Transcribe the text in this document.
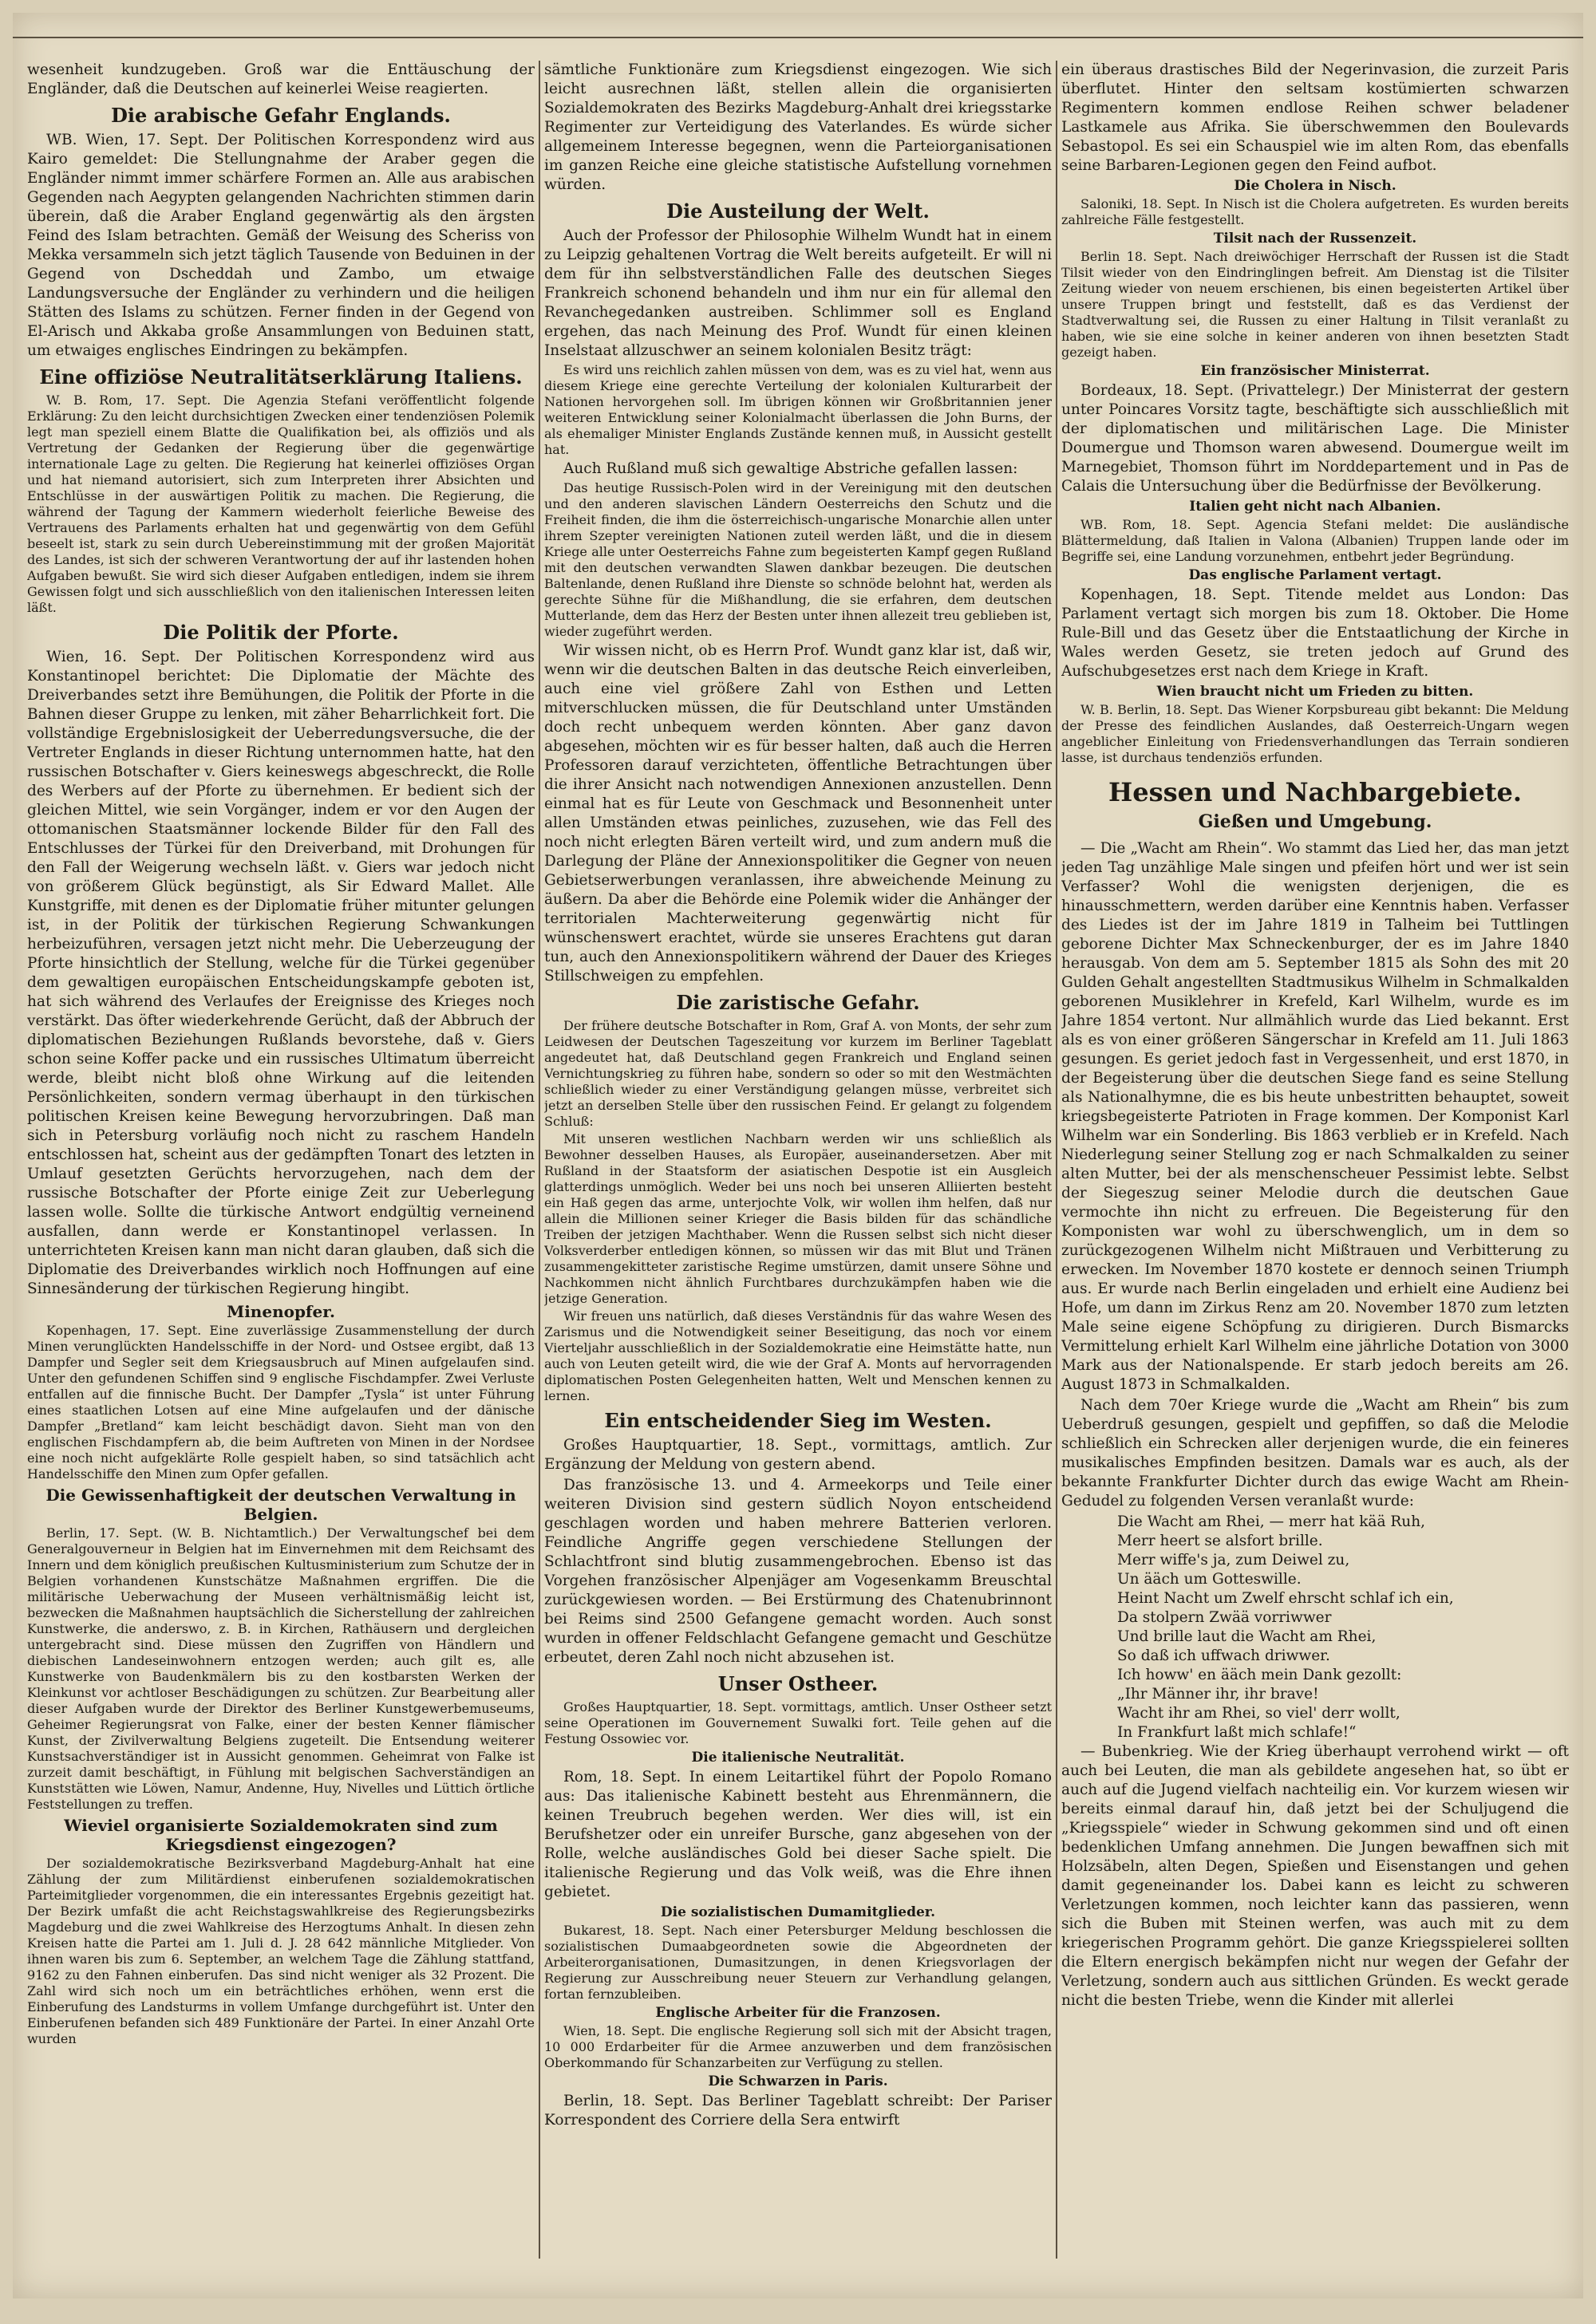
wesenheit kundzugeben. Groß war die Enttäuschung der Engländer, daß die Deutschen auf keinerlei Weise reagierten.

Die arabische Gefahr Englands.

WB. Wien, 17. Sept. Der Politischen Korrespondenz wird aus Kairo gemeldet: Die Stellungnahme der Araber gegen die Engländer nimmt immer schärfere Formen an. Alle aus arabischen Gegenden nach Aegypten gelangenden Nachrichten stimmen darin überein, daß die Araber England gegenwärtig als den ärgsten Feind des Islam betrachten. Gemäß der Weisung des Scheriss von Mekka versammeln sich jetzt täglich Tausende von Beduinen in der Gegend von Dscheddah und Zambo, um etwaige Landungsversuche der Engländer zu verhindern und die heiligen Stätten des Islams zu schützen. Ferner finden in der Gegend von El-Arisch und Akkaba große Ansammlungen von Beduinen statt, um etwaiges englisches Eindringen zu bekämpfen.

Eine offiziöse Neutralitätserklärung Italiens.

W. B. Rom, 17. Sept. Die Agenzia Stefani veröffentlicht folgende Erklärung: Zu den leicht durchsichtigen Zwecken einer tendenziösen Polemik legt man speziell einem Blatte die Qualifikation bei, als offiziös und als Vertretung der Gedanken der Regierung über die gegenwärtige internationale Lage zu gelten. Die Regierung hat keinerlei offiziöses Organ und hat niemand autorisiert, sich zum Interpreten ihrer Absichten und Entschlüsse in der auswärtigen Politik zu machen. Die Regierung, die während der Tagung der Kammern wiederholt feierliche Beweise des Vertrauens des Parlaments erhalten hat und gegenwärtig von dem Gefühl beseelt ist, stark zu sein durch Uebereinstimmung mit der großen Majorität des Landes, ist sich der schweren Verantwortung der auf ihr lastenden hohen Aufgaben bewußt. Sie wird sich dieser Aufgaben entledigen, indem sie ihrem Gewissen folgt und sich ausschließlich von den italienischen Interessen leiten läßt.

Die Politik der Pforte.

Wien, 16. Sept. Der Politischen Korrespondenz wird aus Konstantinopel berichtet: Die Diplomatie der Mächte des Dreiverbandes setzt ihre Bemühungen, die Politik der Pforte in die Bahnen dieser Gruppe zu lenken, mit zäher Beharrlichkeit fort. Die vollständige Ergebnislosigkeit der Ueberredungsversuche, die der Vertreter Englands in dieser Richtung unternommen hatte, hat den russischen Botschafter v. Giers keineswegs abgeschreckt, die Rolle des Werbers auf der Pforte zu übernehmen. Er bedient sich der gleichen Mittel, wie sein Vorgänger, indem er vor den Augen der ottomanischen Staatsmänner lockende Bilder für den Fall des Entschlusses der Türkei für den Dreiverband, mit Drohungen für den Fall der Weigerung wechseln läßt. v. Giers war jedoch nicht von größerem Glück begünstigt, als Sir Edward Mallet. Alle Kunstgriffe, mit denen es der Diplomatie früher mitunter gelungen ist, in der Politik der türkischen Regierung Schwankungen herbeizuführen, versagen jetzt nicht mehr. Die Ueberzeugung der Pforte hinsichtlich der Stellung, welche für die Türkei gegenüber dem gewaltigen europäischen Entscheidungskampfe geboten ist, hat sich während des Verlaufes der Ereignisse des Krieges noch verstärkt. Das öfter wiederkehrende Gerücht, daß der Abbruch der diplomatischen Beziehungen Rußlands bevorstehe, daß v. Giers schon seine Koffer packe und ein russisches Ultimatum überreicht werde, bleibt nicht bloß ohne Wirkung auf die leitenden Persönlichkeiten, sondern vermag überhaupt in den türkischen politischen Kreisen keine Bewegung hervorzubringen. Daß man sich in Petersburg vorläufig noch nicht zu raschem Handeln entschlossen hat, scheint aus der gedämpften Tonart des letzten in Umlauf gesetzten Gerüchts hervorzugehen, nach dem der russische Botschafter der Pforte einige Zeit zur Ueberlegung lassen wolle. Sollte die türkische Antwort endgültig verneinend ausfallen, dann werde er Konstantinopel verlassen. In unterrichteten Kreisen kann man nicht daran glauben, daß sich die Diplomatie des Dreiverbandes wirklich noch Hoffnungen auf eine Sinnesänderung der türkischen Regierung hingibt.

Minenopfer.

Kopenhagen, 17. Sept. Eine zuverlässige Zusammenstellung der durch Minen verunglückten Handelsschiffe in der Nord- und Ostsee ergibt, daß 13 Dampfer und Segler seit dem Kriegsausbruch auf Minen aufgelaufen sind. Unter den gefundenen Schiffen sind 9 englische Fischdampfer. Zwei Verluste entfallen auf die finnische Bucht. Der Dampfer „Tysla“ ist unter Führung eines staatlichen Lotsen auf eine Mine aufgelaufen und der dänische Dampfer „Bretland“ kam leicht beschädigt davon. Sieht man von den englischen Fischdampfern ab, die beim Auftreten von Minen in der Nordsee eine noch nicht aufgeklärte Rolle gespielt haben, so sind tatsächlich acht Handelsschiffe den Minen zum Opfer gefallen.

Die Gewissenhaftigkeit der deutschen Verwaltung in Belgien.

Berlin, 17. Sept. (W. B. Nichtamtlich.) Der Verwaltungschef bei dem Generalgouverneur in Belgien hat im Einvernehmen mit dem Reichsamt des Innern und dem königlich preußischen Kultusministerium zum Schutze der in Belgien vorhandenen Kunstschätze Maßnahmen ergriffen. Die die militärische Ueberwachung der Museen verhältnismäßig leicht ist, bezwecken die Maßnahmen hauptsächlich die Sicherstellung der zahlreichen Kunstwerke, die anderswo, z. B. in Kirchen, Rathäusern und dergleichen untergebracht sind. Diese müssen den Zugriffen von Händlern und diebischen Landeseinwohnern entzogen werden; auch gilt es, alle Kunstwerke von Baudenkmälern bis zu den kostbarsten Werken der Kleinkunst vor achtloser Beschädigungen zu schützen. Zur Bearbeitung aller dieser Aufgaben wurde der Direktor des Berliner Kunstgewerbemuseums, Geheimer Regierungsrat von Falke, einer der besten Kenner flämischer Kunst, der Zivilverwaltung Belgiens zugeteilt. Die Entsendung weiterer Kunstsachverständiger ist in Aussicht genommen. Geheimrat von Falke ist zurzeit damit beschäftigt, in Fühlung mit belgischen Sachverständigen an Kunststätten wie Löwen, Namur, Andenne, Huy, Nivelles und Lüttich örtliche Feststellungen zu treffen.

Wieviel organisierte Sozialdemokraten sind zum Kriegsdienst eingezogen?

Der sozialdemokratische Bezirksverband Magdeburg-Anhalt hat eine Zählung der zum Militärdienst einberufenen sozialdemokratischen Parteimitglieder vorgenommen, die ein interessantes Ergebnis gezeitigt hat. Der Bezirk umfaßt die acht Reichstagswahlkreise des Regierungsbezirks Magdeburg und die zwei Wahlkreise des Herzogtums Anhalt. In diesen zehn Kreisen hatte die Partei am 1. Juli d. J. 28 642 männliche Mitglieder. Von ihnen waren bis zum 6. September, an welchem Tage die Zählung stattfand, 9162 zu den Fahnen einberufen. Das sind nicht weniger als 32 Prozent. Die Zahl wird sich noch um ein beträchtliches erhöhen, wenn erst die Einberufung des Landsturms in vollem Umfange durchgeführt ist. Unter den Einberufenen befanden sich 489 Funktionäre der Partei. In einer Anzahl Orte wurden

sämtliche Funktionäre zum Kriegsdienst eingezogen. Wie sich leicht ausrechnen läßt, stellen allein die organisierten Sozialdemokraten des Bezirks Magdeburg-Anhalt drei kriegsstarke Regimenter zur Verteidigung des Vaterlandes. Es würde sicher allgemeinem Interesse begegnen, wenn die Parteiorganisationen im ganzen Reiche eine gleiche statistische Aufstellung vornehmen würden.

Die Austeilung der Welt.

Auch der Professor der Philosophie Wilhelm Wundt hat in einem zu Leipzig gehaltenen Vortrag die Welt bereits aufgeteilt. Er will ni dem für ihn selbstverständlichen Falle des deutschen Sieges Frankreich schonend behandeln und ihm nur ein für allemal den Revanchegedanken austreiben. Schlimmer soll es England ergehen, das nach Meinung des Prof. Wundt für einen kleinen Inselstaat allzuschwer an seinem kolonialen Besitz trägt:

Es wird uns reichlich zahlen müssen von dem, was es zu viel hat, wenn aus diesem Kriege eine gerechte Verteilung der kolonialen Kulturarbeit der Nationen hervorgehen soll. Im übrigen können wir Großbritannien jener weiteren Entwicklung seiner Kolonialmacht überlassen die John Burns, der als ehemaliger Minister Englands Zustände kennen muß, in Aussicht gestellt hat.

Auch Rußland muß sich gewaltige Abstriche gefallen lassen:

Das heutige Russisch-Polen wird in der Vereinigung mit den deutschen und den anderen slavischen Ländern Oesterreichs den Schutz und die Freiheit finden, die ihm die österreichisch-ungarische Monarchie allen unter ihrem Szepter vereinigten Nationen zuteil werden läßt, und die in diesem Kriege alle unter Oesterreichs Fahne zum begeisterten Kampf gegen Rußland mit den deutschen verwandten Slawen dankbar bezeugen. Die deutschen Baltenlande, denen Rußland ihre Dienste so schnöde belohnt hat, werden als gerechte Sühne für die Mißhandlung, die sie erfahren, dem deutschen Mutterlande, dem das Herz der Besten unter ihnen allezeit treu geblieben ist, wieder zugeführt werden.

Wir wissen nicht, ob es Herrn Prof. Wundt ganz klar ist, daß wir, wenn wir die deutschen Balten in das deutsche Reich einverleiben, auch eine viel größere Zahl von Esthen und Letten mitverschlucken müssen, die für Deutschland unter Umständen doch recht unbequem werden könnten. Aber ganz davon abgesehen, möchten wir es für besser halten, daß auch die Herren Professoren darauf verzichteten, öffentliche Betrachtungen über die ihrer Ansicht nach notwendigen Annexionen anzustellen. Denn einmal hat es für Leute von Geschmack und Besonnenheit unter allen Umständen etwas peinliches, zuzusehen, wie das Fell des noch nicht erlegten Bären verteilt wird, und zum andern muß die Darlegung der Pläne der Annexionspolitiker die Gegner von neuen Gebietserwerbungen veranlassen, ihre abweichende Meinung zu äußern. Da aber die Behörde eine Polemik wider die Anhänger der territorialen Machterweiterung gegenwärtig nicht für wünschenswert erachtet, würde sie unseres Erachtens gut daran tun, auch den Annexionspolitikern während der Dauer des Krieges Stillschweigen zu empfehlen.

Die zaristische Gefahr.

Der frühere deutsche Botschafter in Rom, Graf A. von Monts, der sehr zum Leidwesen der Deutschen Tageszeitung vor kurzem im Berliner Tageblatt angedeutet hat, daß Deutschland gegen Frankreich und England seinen Vernichtungskrieg zu führen habe, sondern so oder so mit den Westmächten schließlich wieder zu einer Verständigung gelangen müsse, verbreitet sich jetzt an derselben Stelle über den russischen Feind. Er gelangt zu folgendem Schluß:

Mit unseren westlichen Nachbarn werden wir uns schließlich als Bewohner desselben Hauses, als Europäer, auseinandersetzen. Aber mit Rußland in der Staatsform der asiatischen Despotie ist ein Ausgleich glatterdings unmöglich. Weder bei uns noch bei unseren Alliierten besteht ein Haß gegen das arme, unterjochte Volk, wir wollen ihm helfen, daß nur allein die Millionen seiner Krieger die Basis bilden für das schändliche Treiben der jetzigen Machthaber. Wenn die Russen selbst sich nicht dieser Volksverderber entledigen können, so müssen wir das mit Blut und Tränen zusammengekitteter zaristische Regime umstürzen, damit unsere Söhne und Nachkommen nicht ähnlich Furchtbares durchzukämpfen haben wie die jetzige Generation.

Wir freuen uns natürlich, daß dieses Verständnis für das wahre Wesen des Zarismus und die Notwendigkeit seiner Beseitigung, das noch vor einem Vierteljahr ausschließlich in der Sozialdemokratie eine Heimstätte hatte, nun auch von Leuten geteilt wird, die wie der Graf A. Monts auf hervorragenden diplomatischen Posten Gelegenheiten hatten, Welt und Menschen kennen zu lernen.

Ein entscheidender Sieg im Westen.

Großes Hauptquartier, 18. Sept., vormittags, amtlich. Zur Ergänzung der Meldung von gestern abend.

Das französische 13. und 4. Armeekorps und Teile einer weiteren Division sind gestern südlich Noyon entscheidend geschlagen worden und haben mehrere Batterien verloren. Feindliche Angriffe gegen verschiedene Stellungen der Schlachtfront sind blutig zusammengebrochen. Ebenso ist das Vorgehen französischer Alpenjäger am Vogesenkamm Breuschtal zurückgewiesen worden. — Bei Erstürmung des Chatenubrinnont bei Reims sind 2500 Gefangene gemacht worden. Auch sonst wurden in offener Feldschlacht Gefangene gemacht und Geschütze erbeutet, deren Zahl noch nicht abzusehen ist.

Unser Ostheer.

Großes Hauptquartier, 18. Sept. vormittags, amtlich. Unser Ostheer setzt seine Operationen im Gouvernement Suwalki fort. Teile gehen auf die Festung Ossowiec vor.

Die italienische Neutralität.

Rom, 18. Sept. In einem Leitartikel führt der Popolo Romano aus: Das italienische Kabinett besteht aus Ehrenmännern, die keinen Treubruch begehen werden. Wer dies will, ist ein Berufshetzer oder ein unreifer Bursche, ganz abgesehen von der Rolle, welche ausländisches Gold bei dieser Sache spielt. Die italienische Regierung und das Volk weiß, was die Ehre ihnen gebietet.

Die sozialistischen Dumamitglieder.

Bukarest, 18. Sept. Nach einer Petersburger Meldung beschlossen die sozialistischen Dumaabgeordneten sowie die Abgeordneten der Arbeiterorganisationen, Dumasitzungen, in denen Kriegsvorlagen der Regierung zur Ausschreibung neuer Steuern zur Verhandlung gelangen, fortan fernzubleiben.

Englische Arbeiter für die Franzosen.

Wien, 18. Sept. Die englische Regierung soll sich mit der Absicht tragen, 10 000 Erdarbeiter für die Armee anzuwerben und dem französischen Oberkommando für Schanzarbeiten zur Verfügung zu stellen.

Die Schwarzen in Paris.

Berlin, 18. Sept. Das Berliner Tageblatt schreibt: Der Pariser Korrespondent des Corriere della Sera entwirft

ein überaus drastisches Bild der Negerinvasion, die zurzeit Paris überflutet. Hinter den seltsam kostümierten schwarzen Regimentern kommen endlose Reihen schwer beladener Lastkamele aus Afrika. Sie überschwemmen den Boulevards Sebastopol. Es sei ein Schauspiel wie im alten Rom, das ebenfalls seine Barbaren-Legionen gegen den Feind aufbot.

Die Cholera in Nisch.

Saloniki, 18. Sept. In Nisch ist die Cholera aufgetreten. Es wurden bereits zahlreiche Fälle festgestellt.

Tilsit nach der Russenzeit.

Berlin 18. Sept. Nach dreiwöchiger Herrschaft der Russen ist die Stadt Tilsit wieder von den Eindringlingen befreit. Am Dienstag ist die Tilsiter Zeitung wieder von neuem erschienen, bis einen begeisterten Artikel über unsere Truppen bringt und feststellt, daß es das Verdienst der Stadtverwaltung sei, die Russen zu einer Haltung in Tilsit veranlaßt zu haben, wie sie eine solche in keiner anderen von ihnen besetzten Stadt gezeigt haben.

Ein französischer Ministerrat.

Bordeaux, 18. Sept. (Privattelegr.) Der Ministerrat der gestern unter Poincares Vorsitz tagte, beschäftigte sich ausschließlich mit der diplomatischen und militärischen Lage. Die Minister Doumergue und Thomson waren abwesend. Doumergue weilt im Marnegebiet, Thomson führt im Norddepartement und in Pas de Calais die Untersuchung über die Bedürfnisse der Bevölkerung.

Italien geht nicht nach Albanien.

WB. Rom, 18. Sept. Agencia Stefani meldet: Die ausländische Blättermeldung, daß Italien in Valona (Albanien) Truppen lande oder im Begriffe sei, eine Landung vorzunehmen, entbehrt jeder Begründung.

Das englische Parlament vertagt.

Kopenhagen, 18. Sept. Titende meldet aus London: Das Parlament vertagt sich morgen bis zum 18. Oktober. Die Home Rule-Bill und das Gesetz über die Entstaatlichung der Kirche in Wales werden Gesetz, sie treten jedoch auf Grund des Aufschubgesetzes erst nach dem Kriege in Kraft.

Wien braucht nicht um Frieden zu bitten.

W. B. Berlin, 18. Sept. Das Wiener Korpsbureau gibt bekannt: Die Meldung der Presse des feindlichen Auslandes, daß Oesterreich-Ungarn wegen angeblicher Einleitung von Friedensverhandlungen das Terrain sondieren lasse, ist durchaus tendenziös erfunden.

Hessen und Nachbargebiete.
Gießen und Umgebung.

— Die „Wacht am Rhein“. Wo stammt das Lied her, das man jetzt jeden Tag unzählige Male singen und pfeifen hört und wer ist sein Verfasser? Wohl die wenigsten derjenigen, die es hinausschmettern, werden darüber eine Kenntnis haben. Verfasser des Liedes ist der im Jahre 1819 in Talheim bei Tuttlingen geborene Dichter Max Schneckenburger, der es im Jahre 1840 herausgab. Von dem am 5. September 1815 als Sohn des mit 20 Gulden Gehalt angestellten Stadtmusikus Wilhelm in Schmalkalden geborenen Musiklehrer in Krefeld, Karl Wilhelm, wurde es im Jahre 1854 vertont. Nur allmählich wurde das Lied bekannt. Erst als es von einer größeren Sängerschar in Krefeld am 11. Juli 1863 gesungen. Es geriet jedoch fast in Vergessenheit, und erst 1870, in der Begeisterung über die deutschen Siege fand es seine Stellung als Nationalhymne, die es bis heute unbestritten behauptet, soweit kriegsbegeisterte Patrioten in Frage kommen. Der Komponist Karl Wilhelm war ein Sonderling. Bis 1863 verblieb er in Krefeld. Nach Niederlegung seiner Stellung zog er nach Schmalkalden zu seiner alten Mutter, bei der als menschenscheuer Pessimist lebte. Selbst der Siegeszug seiner Melodie durch die deutschen Gaue vermochte ihn nicht zu erfreuen. Die Begeisterung für den Komponisten war wohl zu überschwenglich, um in dem so zurückgezogenen Wilhelm nicht Mißtrauen und Verbitterung zu erwecken. Im November 1870 kostete er dennoch seinen Triumph aus. Er wurde nach Berlin eingeladen und erhielt eine Audienz bei Hofe, um dann im Zirkus Renz am 20. November 1870 zum letzten Male seine eigene Schöpfung zu dirigieren. Durch Bismarcks Vermittelung erhielt Karl Wilhelm eine jährliche Dotation von 3000 Mark aus der Nationalspende. Er starb jedoch bereits am 26. August 1873 in Schmalkalden.

Nach dem 70er Kriege wurde die „Wacht am Rhein“ bis zum Ueberdruß gesungen, gespielt und gepfiffen, so daß die Melodie schließlich ein Schrecken aller derjenigen wurde, die ein feineres musikalisches Empfinden besitzen. Damals war es auch, als der bekannte Frankfurter Dichter durch das ewige Wacht am Rhein-Gedudel zu folgenden Versen veranlaßt wurde:

Die Wacht am Rhei, — merr hat kää Ruh,

Merr heert se alsfort brille.

Merr wiffe's ja, zum Deiwel zu,

Un ääch um Gotteswille.

Heint Nacht um Zwelf ehrscht schlaf ich ein,

Da stolpern Zwää vorriwwer

Und brille laut die Wacht am Rhei,

So daß ich uffwach driwwer.

Ich howw' en ääch mein Dank gezollt:

„Ihr Männer ihr, ihr brave!

Wacht ihr am Rhei, so viel' derr wollt,

In Frankfurt laßt mich schlafe!“

— Bubenkrieg. Wie der Krieg überhaupt verrohend wirkt — oft auch bei Leuten, die man als gebildete angesehen hat, so übt er auch auf die Jugend vielfach nachteilig ein. Vor kurzem wiesen wir bereits einmal darauf hin, daß jetzt bei der Schuljugend die „Kriegsspiele“ wieder in Schwung gekommen sind und oft einen bedenklichen Umfang annehmen. Die Jungen bewaffnen sich mit Holzsäbeln, alten Degen, Spießen und Eisenstangen und gehen damit gegeneinander los. Dabei kann es leicht zu schweren Verletzungen kommen, noch leichter kann das passieren, wenn sich die Buben mit Steinen werfen, was auch mit zu dem kriegerischen Programm gehört. Die ganze Kriegsspielerei sollten die Eltern energisch bekämpfen nicht nur wegen der Gefahr der Verletzung, sondern auch aus sittlichen Gründen. Es weckt gerade nicht die besten Triebe, wenn die Kinder mit allerlei
